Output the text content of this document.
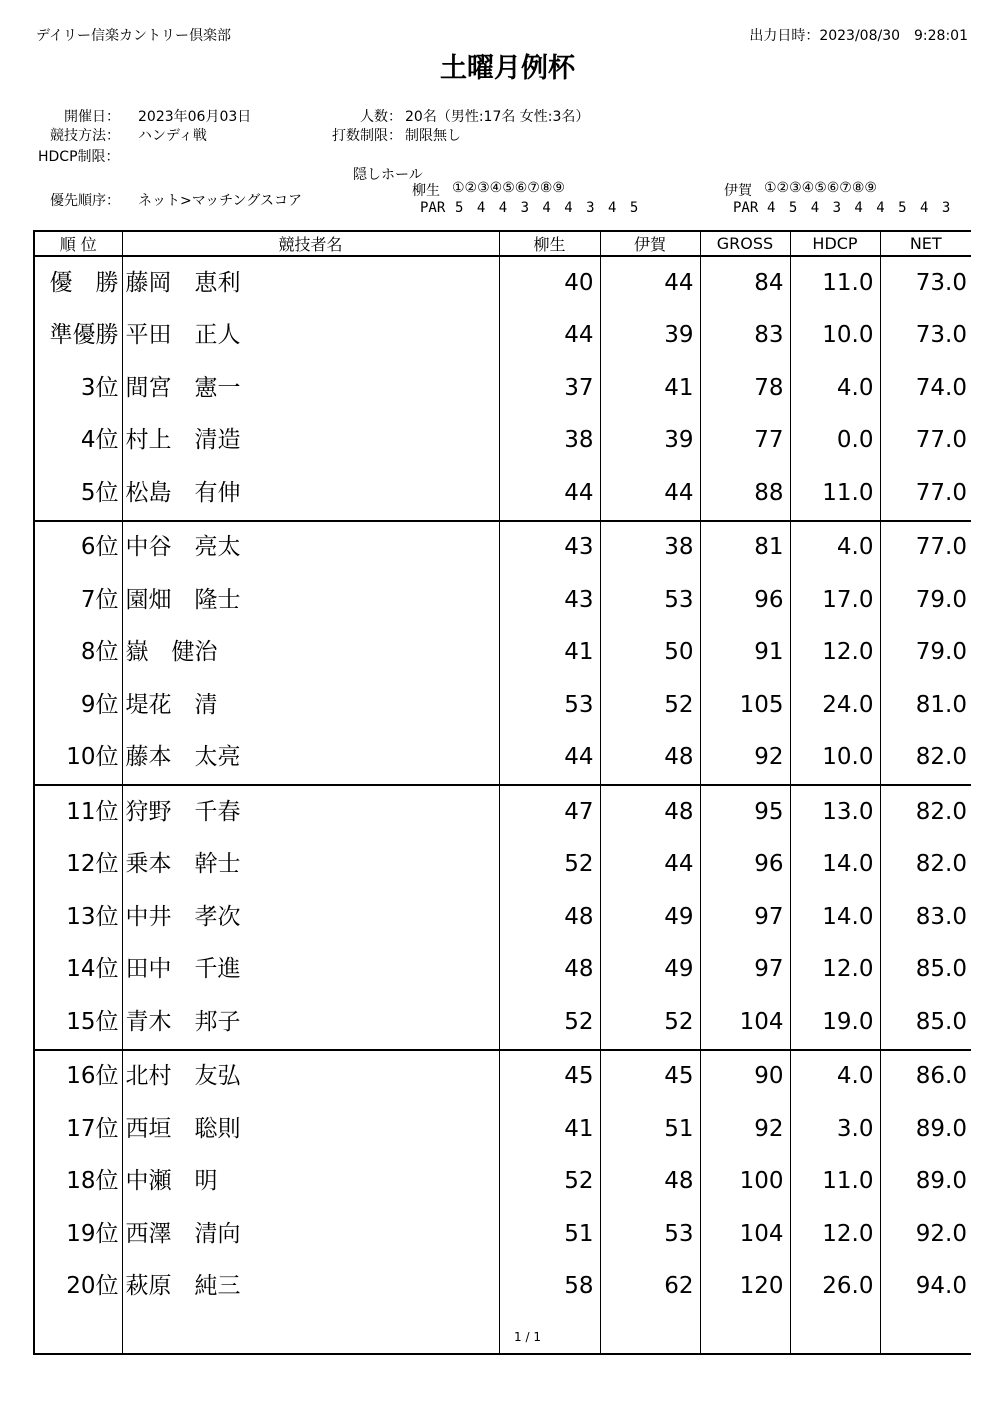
デイリー信楽カントリー倶楽部	出力日時：2023/08/30　9:28:01
土曜月例杯
開催日： 2023年06月03日
競技方法： ハンディ戦
HDCP制限：
優先順序： ネット>マッチングスコア
人数： 20名（男性:17名 女性:3名）
打数制限： 制限無し
隠しホール
柳生 ①②③④⑤⑥⑦⑧⑨
PAR 5 4 4 3 4 4 3 4 5
伊賀 ①②③④⑤⑥⑦⑧⑨
PAR 4 5 4 3 4 4 5 4 3
順 位	競技者名	柳生	伊賀	GROSS	HDCP	NET
優　勝	藤岡　恵利	40	44	84	11.0	73.0
準優勝	平田　正人	44	39	83	10.0	73.0
3位	間宮　憲一	37	41	78	4.0	74.0
4位	村上　清造	38	39	77	0.0	77.0
5位	松島　有伸	44	44	88	11.0	77.0
6位	中谷　亮太	43	38	81	4.0	77.0
7位	園畑　隆士	43	53	96	17.0	79.0
8位	嶽　健治	41	50	91	12.0	79.0
9位	堤花　清	53	52	105	24.0	81.0
10位	藤本　太亮	44	48	92	10.0	82.0
11位	狩野　千春	47	48	95	13.0	82.0
12位	乗本　幹士	52	44	96	14.0	82.0
13位	中井　孝次	48	49	97	14.0	83.0
14位	田中　千進	48	49	97	12.0	85.0
15位	青木　邦子	52	52	104	19.0	85.0
16位	北村　友弘	45	45	90	4.0	86.0
17位	西垣　聡則	41	51	92	3.0	89.0
18位	中瀬　明	52	48	100	11.0	89.0
19位	西澤　清向	51	53	104	12.0	92.0
20位	萩原　純三	58	62	120	26.0	94.0

1 / 1
